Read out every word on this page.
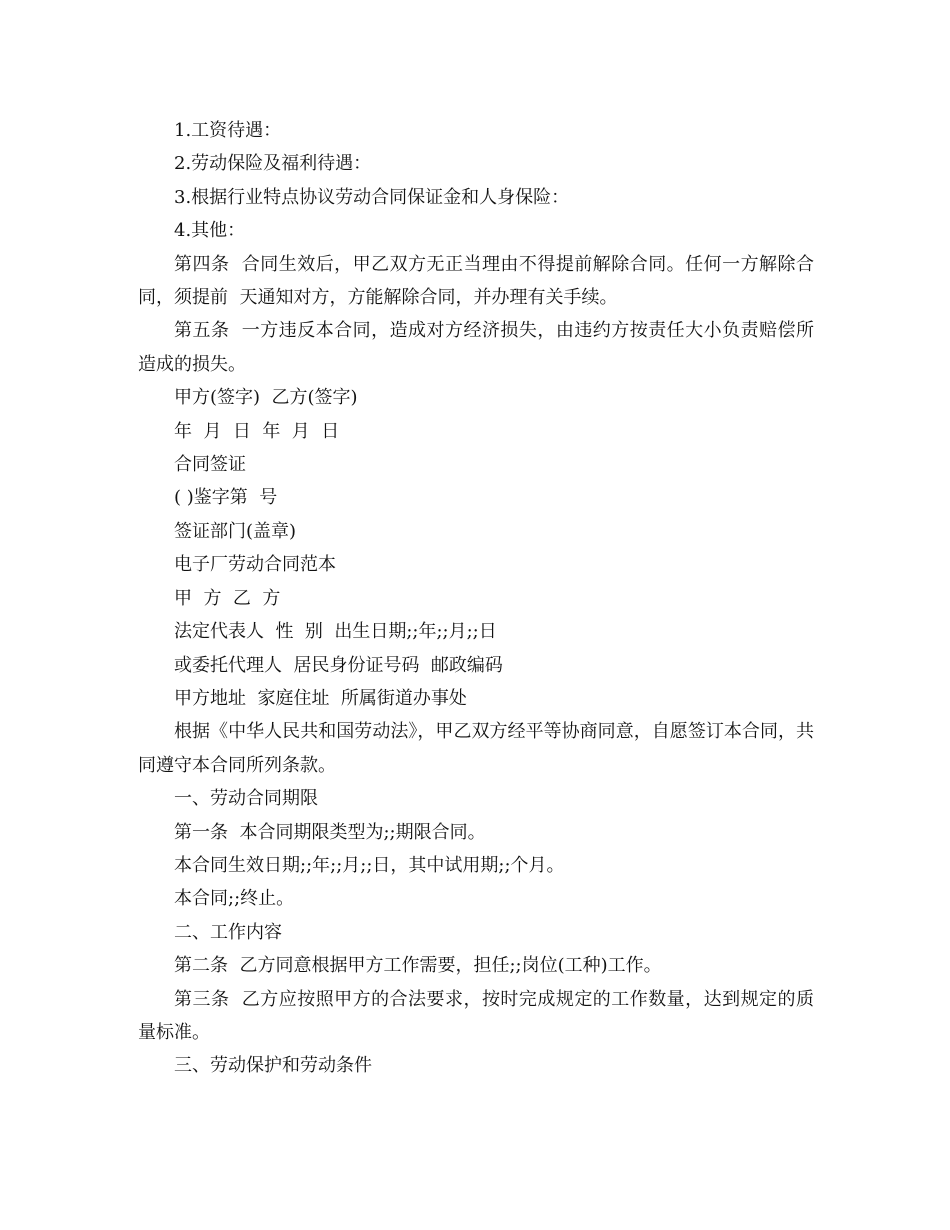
1.工资待遇：

2.劳动保险及福利待遇：

3.根据行业特点协议劳动合同保证金和人身保险：

4.其他：

第四条  合同生效后，甲乙双方无正当理由不得提前解除合同。任何一方解除合同，须提前  天通知对方，方能解除合同，并办理有关手续。

第五条  一方违反本合同，造成对方经济损失，由违约方按责任大小负责赔偿所造成的损失。

甲方(签字)  乙方(签字)

年  月  日  年  月  日

合同签证

( )鉴字第  号

签证部门(盖章)

电子厂劳动合同范本

甲  方  乙  方

法定代表人  性  别  出生日期;;年;;月;;日

或委托代理人  居民身份证号码  邮政编码

甲方地址  家庭住址  所属街道办事处

根据《中华人民共和国劳动法》，甲乙双方经平等协商同意，自愿签订本合同，共同遵守本合同所列条款。

一、劳动合同期限

第一条  本合同期限类型为;;期限合同。

本合同生效日期;;年;;月;;日，其中试用期;;个月。

本合同;;终止。

二、工作内容

第二条  乙方同意根据甲方工作需要，担任;;岗位(工种)工作。

第三条  乙方应按照甲方的合法要求，按时完成规定的工作数量，达到规定的质量标准。

三、劳动保护和劳动条件
